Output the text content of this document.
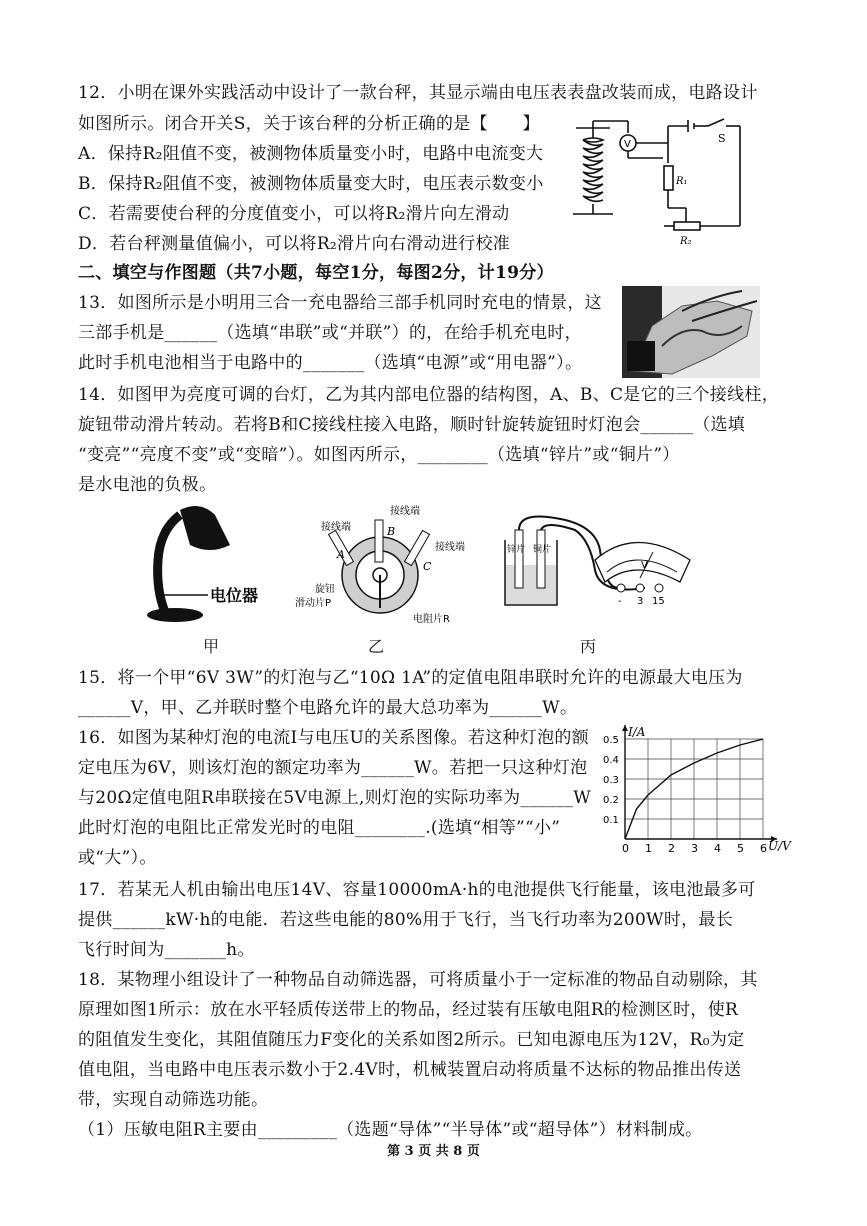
12．小明在课外实践活动中设计了一款台秤，其显示端由电压表表盘改装而成，电路设计
如图所示。闭合开关S，关于该台秤的分析正确的是【　　】
A．保持R₂阻值不变，被测物体质量变小时，电路中电流变大
B．保持R₂阻值不变，被测物体质量变大时，电压表示数变小
C．若需要使台秤的分度值变小，可以将R₂滑片向左滑动
D．若台秤测量值偏小，可以将R₂滑片向右滑动进行校准
V	S
R₁
R₂
二、填空与作图题（共7小题，每空1分，每图2分，计19分）
13．如图所示是小明用三合一充电器给三部手机同时充电的情景，这
三部手机是______（选填“串联”或“并联”）的，在给手机充电时，
此时手机电池相当于电路中的_______（选填“电源”或“用电器”）。
14．如图甲为亮度可调的台灯，乙为其内部电位器的结构图，A、B、C是它的三个接线柱，
旋钮带动滑片转动。若将B和C接线柱接入电路，顺时针旋转旋钮时灯泡会______（选填
“变亮”“亮度不变”或“变暗”）。如图丙所示，________（选填“锌片”或“铜片”）
是水电池的负极。
电位器
接线端
接线端
接线端
A
B
C
旋钮
滑动片P
电阻片R
锌片 铜片
V
- 3 15
甲	乙	丙
15．将一个甲“6V 3W”的灯泡与乙“10Ω 1A”的定值电阻串联时允许的电源最大电压为
______V，甲、乙并联时整个电路允许的最大总功率为______W。
16．如图为某种灯泡的电流I与电压U的关系图像。若这种灯泡的额
定电压为6V，则该灯泡的额定功率为______W。若把一只这种灯泡
与20Ω定值电阻R串联接在5V电源上,则灯泡的实际功率为______W
此时灯泡的电阻比正常发光时的电阻________.(选填“相等”“小”
或“大”）。	0 1 2 3 4 5 6
0.1
0.2
0.3
0.4
0.5
I/A
U/V
17．若某无人机由输出电压14V、容量10000mA·h的电池提供飞行能量，该电池最多可
提供______kW·h的电能．若这些电能的80%用于飞行，当飞行功率为200W时，最长
飞行时间为_______h。
18．某物理小组设计了一种物品自动筛选器，可将质量小于一定标准的物品自动剔除，其
原理如图1所示：放在水平轻质传送带上的物品，经过装有压敏电阻R的检测区时，使R
的阻值发生变化，其阻值随压力F变化的关系如图2所示。已知电源电压为12V，R₀为定
值电阻，当电路中电压表示数小于2.4V时，机械装置启动将质量不达标的物品推出传送
带，实现自动筛选功能。
（1）压敏电阻R主要由_________（选题“导体”“半导体”或“超导体”）材料制成。
第 3 页 共 8 页
